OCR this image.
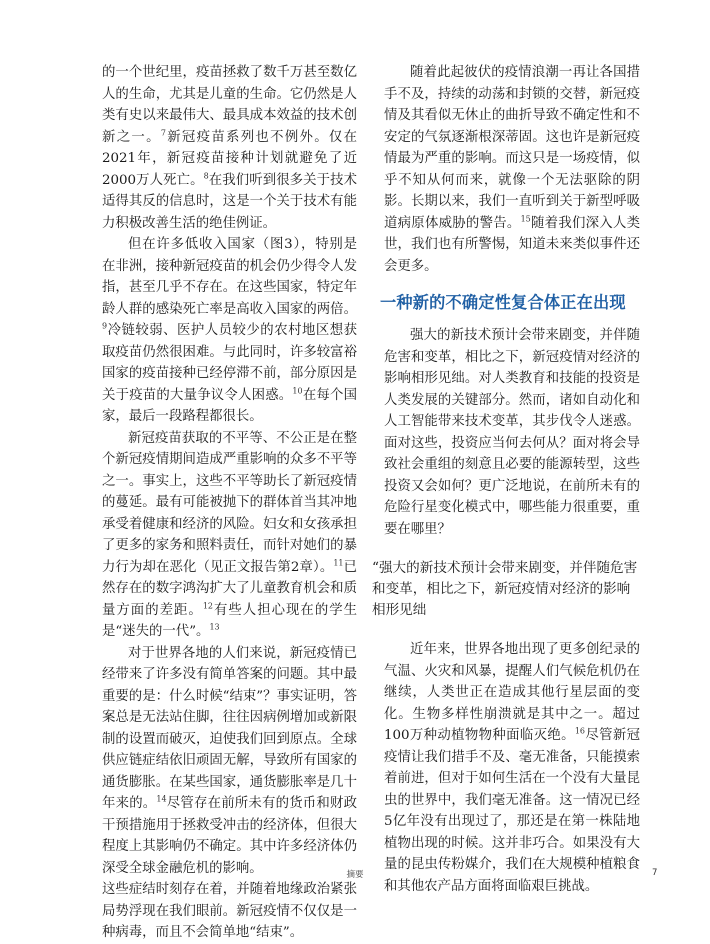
的一个世纪里，疫苗拯救了数千万甚至数亿人的生命，尤其是儿童的生命。它仍然是人类有史以来最伟大、最具成本效益的技术创新之一。$^7$新冠疫苗系列也不例外。仅在2021年，新冠疫苗接种计划就避免了近2000万人死亡。$^8$在我们听到很多关于技术适得其反的信息时，这是一个关于技术有能力积极改善生活的绝佳例证。

但在许多低收入国家（图3），特别是在非洲，接种新冠疫苗的机会仍少得令人发指，甚至几乎不存在。在这些国家，特定年龄人群的感染死亡率是高收入国家的两倍。$^9$冷链较弱、医护人员较少的农村地区想获取疫苗仍然很困难。与此同时，许多较富裕国家的疫苗接种已经停滞不前，部分原因是关于疫苗的大量争议令人困惑。$^{10}$在每个国家，最后一段路程都很长。

新冠疫苗获取的不平等、不公正是在整个新冠疫情期间造成严重影响的众多不平等之一。事实上，这些不平等助长了新冠疫情的蔓延。最有可能被抛下的群体首当其冲地承受着健康和经济的风险。妇女和女孩承担了更多的家务和照料责任，而针对她们的暴力行为却在恶化（见正文报告第2章）。$^{11}$已然存在的数字鸿沟扩大了儿童教育机会和质量方面的差距。$^{12}$有些人担心现在的学生是“迷失的一代”。$^{13}$

对于世界各地的人们来说，新冠疫情已经带来了许多没有简单答案的问题。其中最重要的是：什么时候“结束”？事实证明，答案总是无法站住脚，往往因病例增加或新限制的设置而破灭，迫使我们回到原点。全球供应链症结依旧顽固无解，导致所有国家的通货膨胀。在某些国家，通货膨胀率是几十年来的。$^{14}$尽管存在前所未有的货币和财政干预措施用于拯救受冲击的经济体，但很大程度上其影响仍不确定。其中许多经济体仍深受全球金融危机的影响。

这些症结时刻存在着，并随着地缘政治紧张局势浮现在我们眼前。新冠疫情不仅仅是一种病毒，而且不会简单地“结束”。

随着此起彼伏的疫情浪潮一再让各国措手不及，持续的动荡和封锁的交替，新冠疫情及其看似无休止的曲折导致不确定性和不安定的气氛逐渐根深蒂固。这也许是新冠疫情最为严重的影响。而这只是一场疫情，似乎不知从何而来，就像一个无法驱除的阴影。长期以来，我们一直听到关于新型呼吸道病原体威胁的警告。$^{15}$随着我们深入人类世，我们也有所警惕，知道未来类似事件还会更多。

一种新的不确定性复合体正在出现

强大的新技术预计会带来剧变，并伴随危害和变革，相比之下，新冠疫情对经济的影响相形见绌。对人类教育和技能的投资是人类发展的关键部分。然而，诸如自动化和人工智能带来技术变革，其步伐令人迷惑。面对这些，投资应当何去何从？面对将会导致社会重组的刻意且必要的能源转型，这些投资又会如何？更广泛地说，在前所未有的危险行星变化模式中，哪些能力很重要，重要在哪里？

“强大的新技术预计会带来剧变，并伴随危害和变革，相比之下，新冠疫情对经济的影响相形见绌

近年来，世界各地出现了更多创纪录的气温、火灾和风暴，提醒人们气候危机仍在继续，人类世正在造成其他行星层面的变化。生物多样性崩溃就是其中之一。超过100万种动植物物种面临灭绝。$^{16}$尽管新冠疫情让我们措手不及、毫无准备，只能摸索着前进，但对于如何生活在一个没有大量昆虫的世界中，我们毫无准备。这一情况已经5亿年没有出现过了，那还是在第一株陆地植物出现的时候。这并非巧合。如果没有大量的昆虫传粉媒介，我们在大规模种植粮食和其他农产品方面将面临艰巨挑战。

摘要	7
